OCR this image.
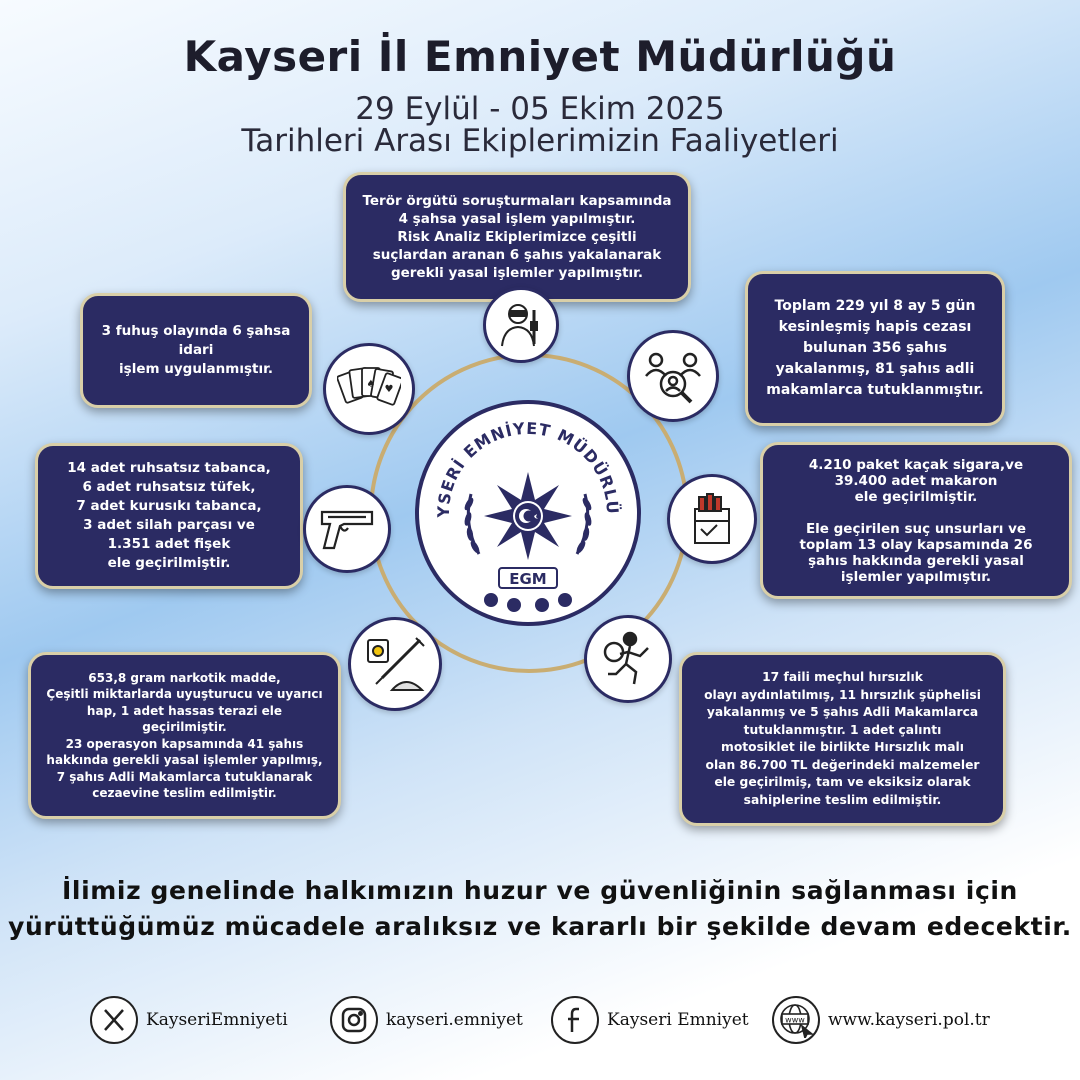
Kayseri İl Emniyet Müdürlüğü
29 Eylül - 05 Ekim 2025
Tarihleri Arası Ekiplerimizin Faaliyetleri
YSERİ EMNİYET MÜDÜRLÜ
EGM
Terör örgütü soruşturmaları kapsamında
4 şahsa yasal işlem yapılmıştır.
Risk Analiz Ekiplerimizce çeşitli suçlardan aranan 6 şahıs yakalanarak gerekli yasal işlemler yapılmıştır.
3 fuhuş olayında 6 şahsa idari
işlem uygulanmıştır.
Toplam 229 yıl 8 ay 5 gün
kesinleşmiş hapis cezası
bulunan 356 şahıs
yakalanmış, 81 şahıs adli
makamlarca tutuklanmıştır.
14 adet ruhsatsız tabanca,
6 adet ruhsatsız tüfek,
7 adet kurusıkı tabanca,
3 adet silah parçası ve
1.351 adet fişek
ele geçirilmiştir.
4.210 paket kaçak sigara,ve
39.400 adet makaron
ele geçirilmiştir.

Ele geçirilen suç unsurları ve
toplam 13 olay kapsamında 26
şahıs hakkında gerekli yasal
işlemler yapılmıştır.
653,8 gram narkotik madde,
Çeşitli miktarlarda uyuşturucu ve uyarıcı
hap, 1 adet hassas terazi ele
geçirilmiştir.
23 operasyon kapsamında 41 şahıs
hakkında gerekli yasal işlemler yapılmış,
7 şahıs Adli Makamlarca tutuklanarak
cezaevine teslim edilmiştir.
17 faili meçhul hırsızlık
olayı aydınlatılmış, 11 hırsızlık şüphelisi
yakalanmış ve 5 şahıs Adli Makamlarca
tutuklanmıştır. 1 adet çalıntı
motosiklet ile birlikte Hırsızlık malı
olan 86.700 TL değerindeki malzemeler
ele geçirilmiş, tam ve eksiksiz olarak
sahiplerine teslim edilmiştir.
♠ ♥
İlimiz genelinde halkımızın huzur ve güvenliğinin sağlanması için
yürüttüğümüz mücadele aralıksız ve kararlı bir şekilde devam edecektir.
KayseriEmniyeti	kayseri.emniyet	Kayseri Emniyet	www www.kayseri.pol.tr
